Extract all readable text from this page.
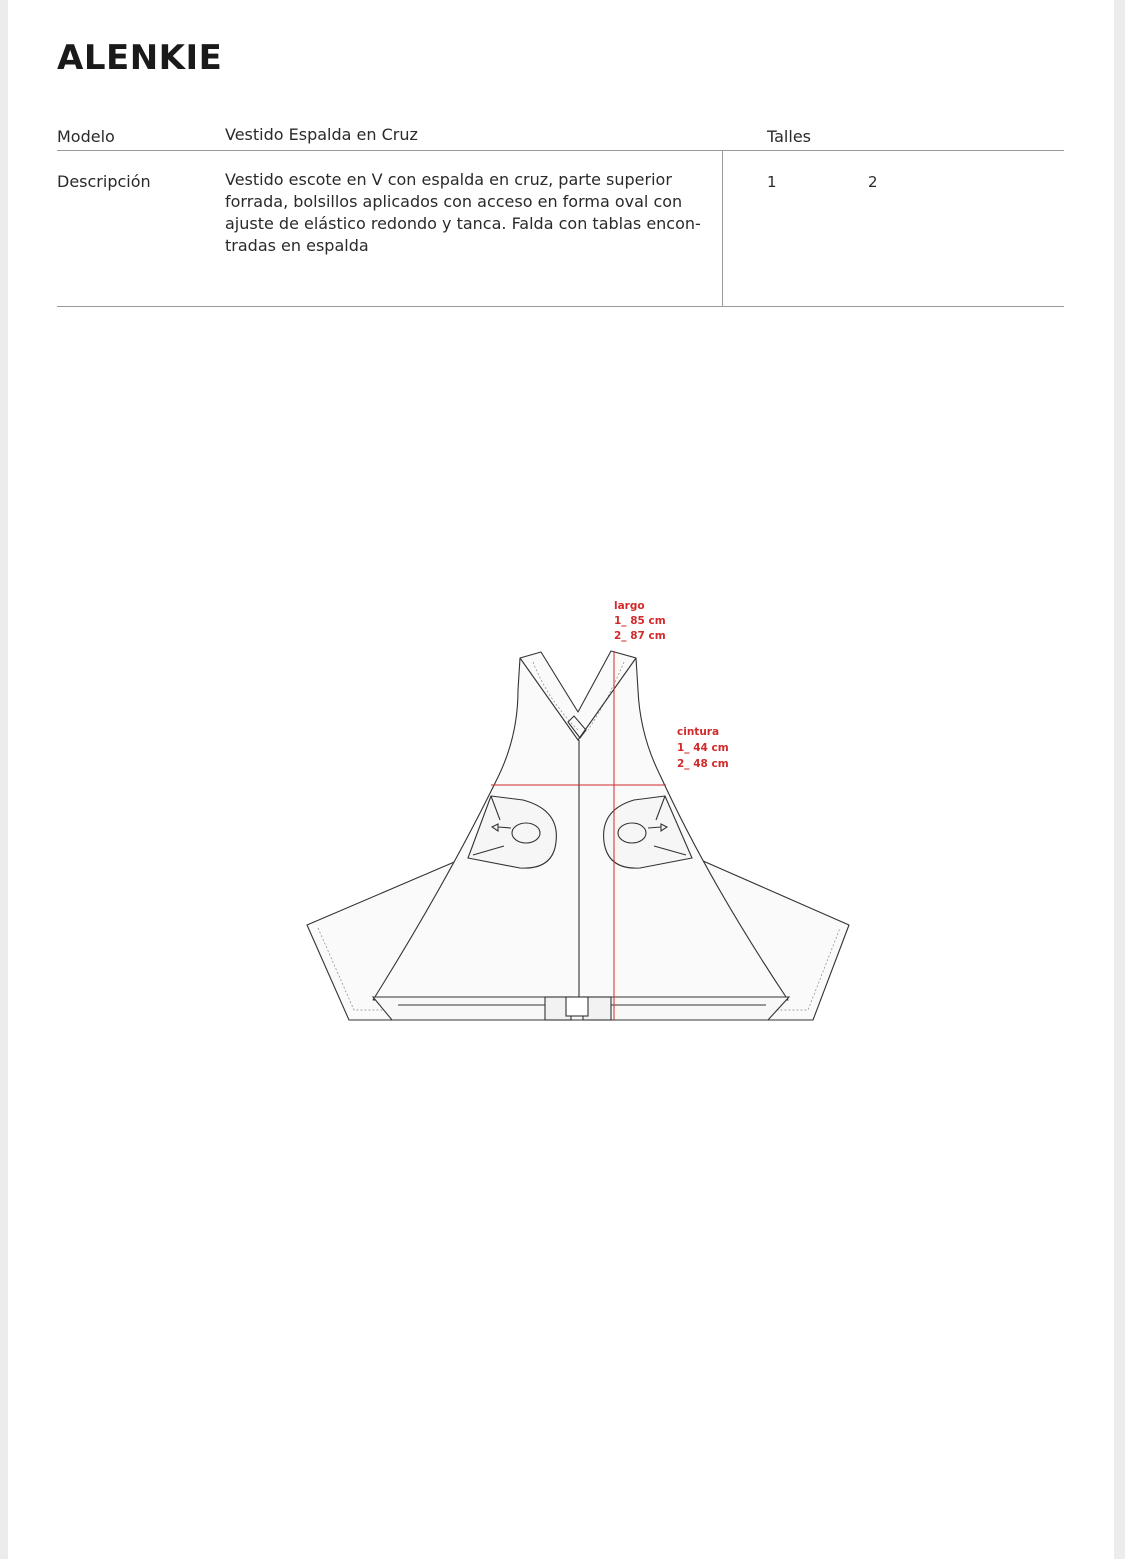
ALENKIE
Modelo	Vestido Espalda en Cruz	Talles
Descripción	Vestido escote en V con espalda en cruz, parte superior
forrada, bolsillos aplicados con acceso en forma oval con
ajuste de elástico redondo y tanca. Falda con tablas encon-
tradas en espalda
1	2
largo
1_ 85 cm
2_ 87 cm
cintura
1_ 44 cm
2_ 48 cm
